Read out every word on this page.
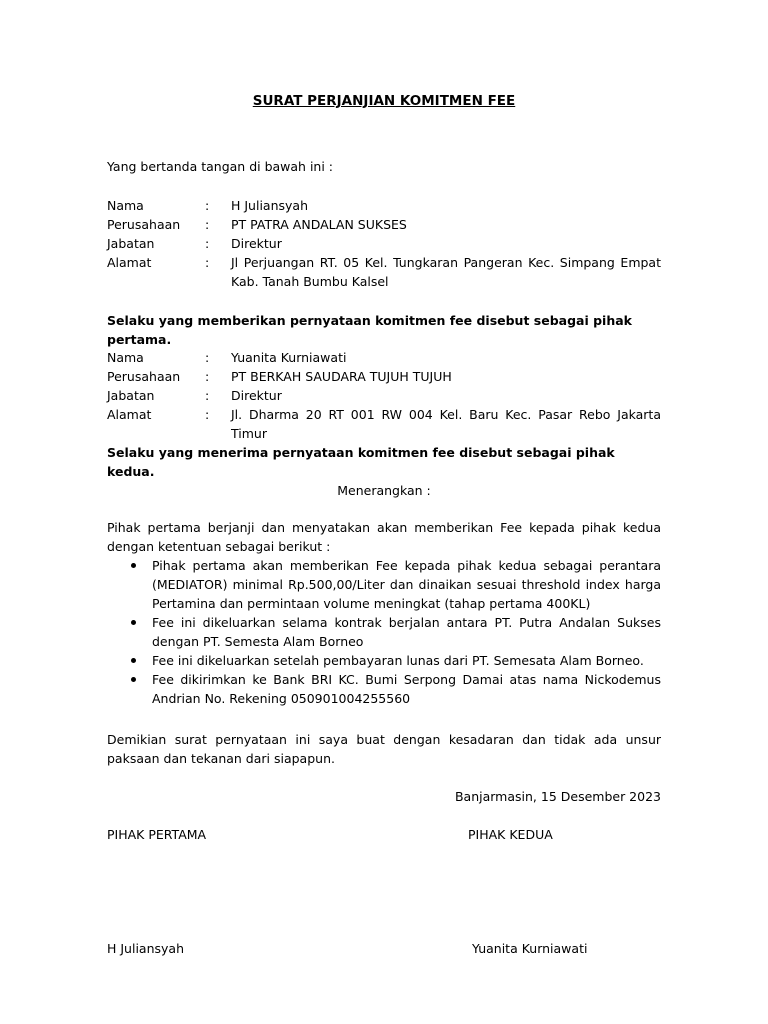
SURAT PERJANJIAN KOMITMEN FEE
Yang bertanda tangan di bawah ini :
Nama	:	H Juliansyah
Perusahaan	:	PT PATRA ANDALAN SUKSES
Jabatan	:	Direktur
Alamat	:	Jl Perjuangan RT. 05 Kel. Tungkaran Pangeran Kec. Simpang Empat Kab. Tanah Bumbu Kalsel
Selaku yang memberikan pernyataan komitmen fee disebut sebagai pihak pertama.
Nama	:	Yuanita Kurniawati
Perusahaan	:	PT BERKAH SAUDARA TUJUH TUJUH
Jabatan	:	Direktur
Alamat	:	Jl. Dharma 20 RT 001 RW 004 Kel. Baru Kec. Pasar Rebo Jakarta Timur
Selaku yang menerima pernyataan komitmen fee disebut sebagai pihak kedua.
Menerangkan :
Pihak pertama berjanji dan menyatakan akan memberikan Fee kepada pihak kedua dengan ketentuan sebagai berikut :
Pihak pertama akan memberikan Fee kepada pihak kedua sebagai perantara (MEDIATOR) minimal Rp.500,00/Liter dan dinaikan sesuai threshold index harga Pertamina dan permintaan volume meningkat (tahap pertama 400KL)
Fee ini dikeluarkan selama kontrak berjalan antara PT. Putra Andalan Sukses dengan PT. Semesta Alam Borneo
Fee ini dikeluarkan setelah pembayaran lunas dari PT. Semesata Alam Borneo.
Fee dikirimkan ke Bank BRI KC. Bumi Serpong Damai atas nama Nickodemus Andrian No. Rekening 050901004255560
Demikian surat pernyataan ini saya buat dengan kesadaran dan tidak ada unsur paksaan dan tekanan dari siapapun.
Banjarmasin, 15 Desember 2023
PIHAK PERTAMA	PIHAK KEDUA
H Juliansyah	Yuanita Kurniawati
